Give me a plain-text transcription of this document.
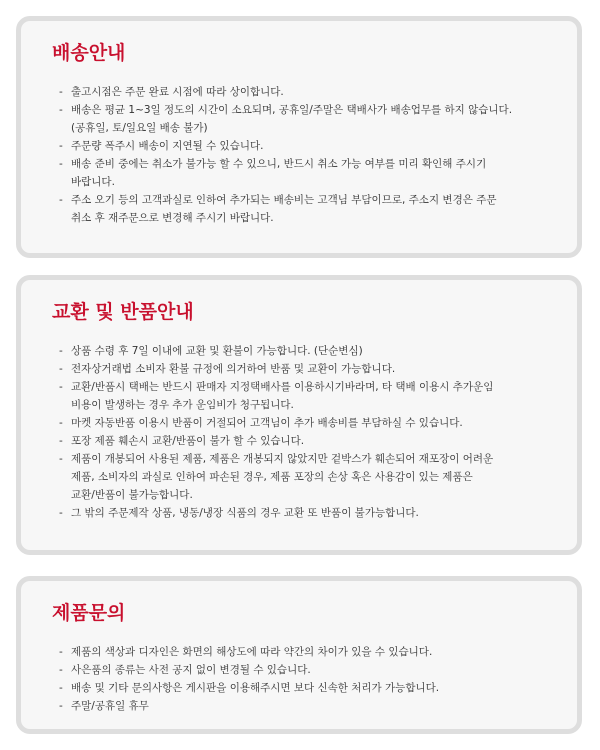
배송안내
- 출고시점은 주문 완료 시점에 따라 상이합니다.
- 배송은 평균 1~3일 정도의 시간이 소요되며, 공휴일/주말은 택배사가 배송업무를 하지 않습니다.
(공휴일, 토/일요일 배송 불가)
- 주문량 폭주시 배송이 지연될 수 있습니다.
- 배송 준비 중에는 취소가 불가능 할 수 있으니, 반드시 취소 가능 여부를 미리 확인해 주시기
바랍니다.
- 주소 오기 등의 고객과실로 인하여 추가되는 배송비는 고객님 부담이므로, 주소지 변경은 주문
취소 후 재주문으로 변경해 주시기 바랍니다.
교환 및 반품안내
- 상품 수령 후 7일 이내에 교환 및 환불이 가능합니다. (단순변심)
- 전자상거래법 소비자 환불 규정에 의거하여 반품 및 교환이 가능합니다.
- 교환/반품시 택배는 반드시 판매자 지정택배사를 이용하시기바라며, 타 택배 이용시 추가운임
비용이 발생하는 경우 추가 운임비가 청구됩니다.
- 마켓 자동반품 이용시 반품이 거절되어 고객님이 추가 배송비를 부담하실 수 있습니다.
- 포장 제품 훼손시 교환/반품이 불가 할 수 있습니다.
- 제품이 개봉되어 사용된 제품, 제품은 개봉되지 않았지만 겉박스가 훼손되어 재포장이 어려운
제품, 소비자의 과실로 인하여 파손된 경우, 제품 포장의 손상 혹은 사용감이 있는 제품은
교환/반품이 불가능합니다.
- 그 밖의 주문제작 상품, 냉동/냉장 식품의 경우 교환 또 반품이 불가능합니다.
제품문의
- 제품의 색상과 디자인은 화면의 해상도에 따라 약간의 차이가 있을 수 있습니다.
- 사은품의 종류는 사전 공지 없이 변경될 수 있습니다.
- 배송 및 기타 문의사항은 게시판을 이용해주시면 보다 신속한 처리가 가능합니다.
- 주말/공휴일 휴무
